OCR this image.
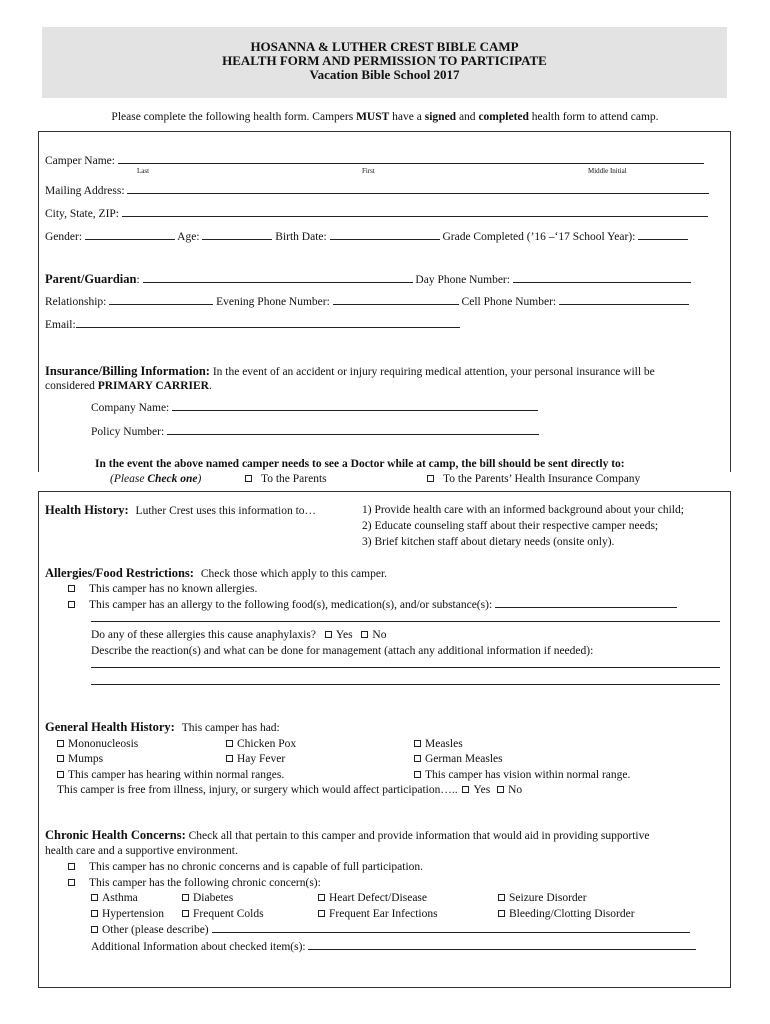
HOSANNA & LUTHER CREST BIBLE CAMP
HEALTH FORM AND PERMISSION TO PARTICIPATE
Vacation Bible School 2017
Please complete the following health form. Campers MUST have a signed and completed health form to attend camp.
Camper Name:
Last	First	Middle Initial
Mailing Address:
City, State, ZIP:
Gender:	Age:	Birth Date:	Grade Completed (’16 –‘17 School Year):
Parent/Guardian:	Day Phone Number:
Relationship:	Evening Phone Number:	Cell Phone Number:
Email:
Insurance/Billing Information: In the event of an accident or injury requiring medical attention, your personal insurance will be
considered PRIMARY CARRIER.
Company Name:
Policy Number:
In the event the above named camper needs to see a Doctor while at camp, the bill should be sent directly to:
(Please Check one)	To the Parents	To the Parents’ Health Insurance Company
Health History: Luther Crest uses this information to…	1) Provide health care with an informed background about your child;
2) Educate counseling staff about their respective camper needs;
3) Brief kitchen staff about dietary needs (onsite only).
Allergies/Food Restrictions: Check those which apply to this camper.
This camper has no known allergies.
This camper has an allergy to the following food(s), medication(s), and/or substance(s):
Do any of these allergies this cause anaphylaxis? Yes No
Describe the reaction(s) and what can be done for management (attach any additional information if needed):
General Health History: This camper has had:
Mononucleosis	Chicken Pox	Measles
Mumps	Hay Fever	German Measles
This camper has hearing within normal ranges.	This camper has vision within normal range.
This camper is free from illness, injury, or surgery which would affect participation….. Yes No
Chronic Health Concerns: Check all that pertain to this camper and provide information that would aid in providing supportive
health care and a supportive environment.
This camper has no chronic concerns and is capable of full participation.
This camper has the following chronic concern(s):
Asthma	Diabetes	Heart Defect/Disease	Seizure Disorder
Hypertension	Frequent Colds	Frequent Ear Infections	Bleeding/Clotting Disorder
Other (please describe)
Additional Information about checked item(s):
